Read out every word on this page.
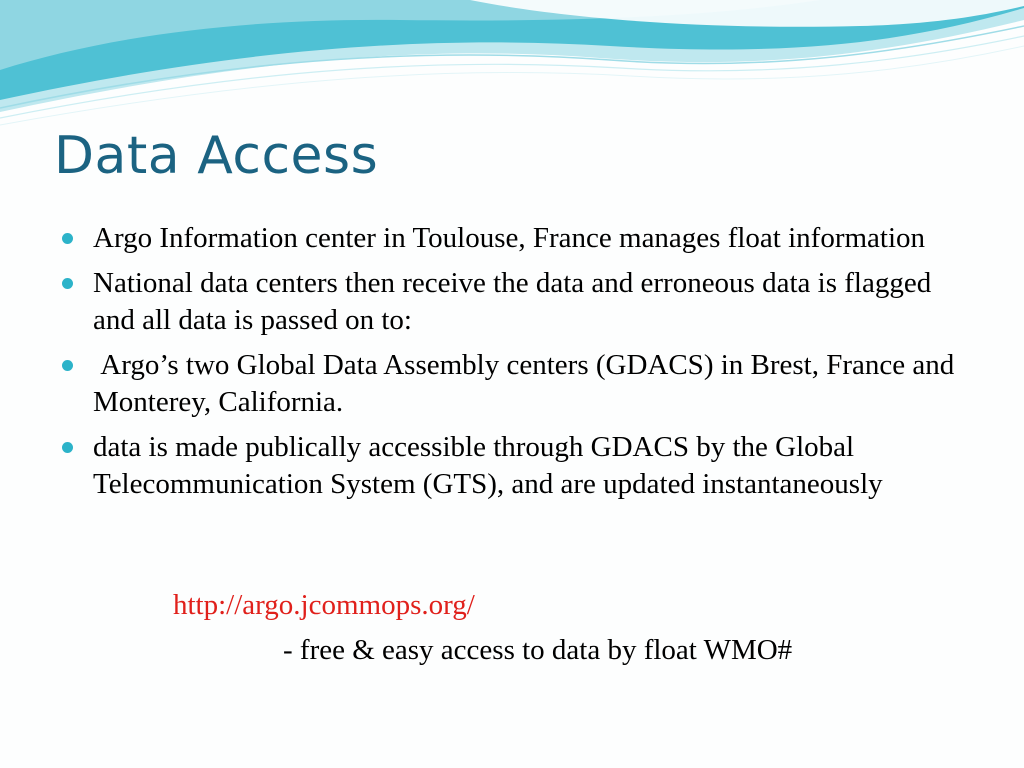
Data Access
Argo Information center in Toulouse, France manages float information
National data centers then receive the data and erroneous data is flagged and all data is passed on to:
Argo’s two Global Data Assembly centers (GDACS) in Brest, France and Monterey, California.
data is made publically accessible through GDACS by the Global Telecommunication System (GTS), and are updated instantaneously
http://argo.jcommops.org/
- free & easy access to data by float WMO#
